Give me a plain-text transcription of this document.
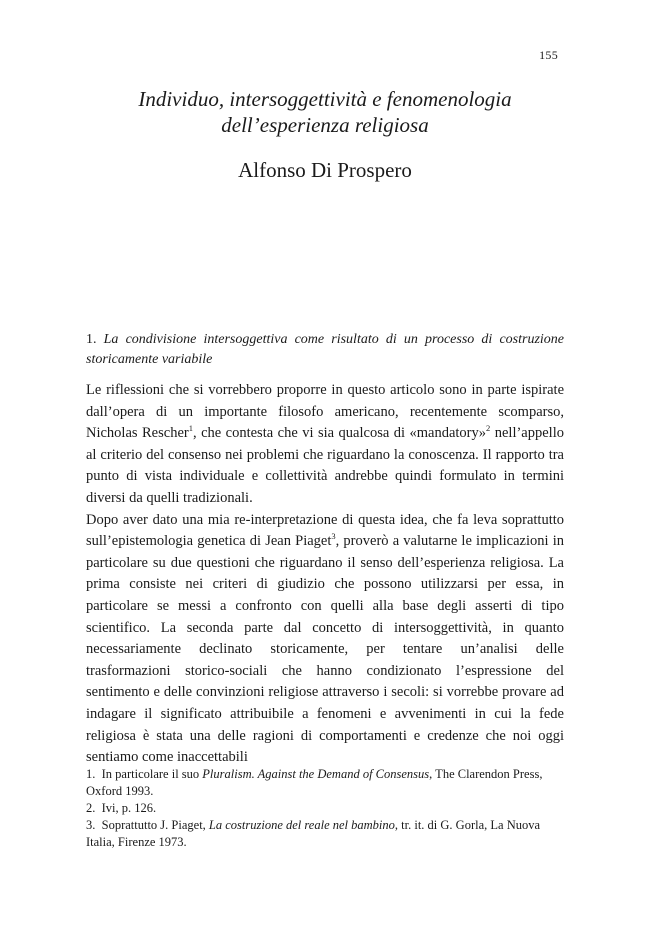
155
Individuo, intersoggettività e fenomenologia
dell’esperienza religiosa
Alfonso Di Prospero
1. La condivisione intersoggettiva come risultato di un processo di costruzione storicamente variabile

Le riflessioni che si vorrebbero proporre in questo articolo sono in parte ispirate dall’opera di un importante filosofo americano, recentemente scomparso, Nicholas Rescher$^1$, che contesta che vi sia qualcosa di «mandatory»$^2$ nell’appello al criterio del consenso nei problemi che riguardano la conoscenza. Il rapporto tra punto di vista individuale e collettività andrebbe quindi formulato in termini diversi da quelli tradizionali.

Dopo aver dato una mia re-interpretazione di questa idea, che fa leva soprattutto sull’epistemologia genetica di Jean Piaget$^3$, proverò a valutarne le implicazioni in particolare su due questioni che riguardano il senso dell’esperienza religiosa. La prima consiste nei criteri di giudizio che possono utilizzarsi per essa, in particolare se messi a confronto con quelli alla base degli asserti di tipo scientifico. La seconda parte dal concetto di intersoggettività, in quanto necessariamente declinato storicamente, per tentare un’analisi delle trasformazioni storico-sociali che hanno condizionato l’espressione del sentimento e delle convinzioni religiose attraverso i secoli: si vorrebbe provare ad indagare il significato attribuibile a fenomeni e avvenimenti in cui la fede religiosa è stata una delle ragioni di comportamenti e credenze che noi oggi sentiamo come inaccettabili

1. In particolare il suo Pluralism. Against the Demand of Consensus, The Clarendon Press, Oxford 1993.

2. Ivi, p. 126.

3. Soprattutto J. Piaget, La costruzione del reale nel bambino, tr. it. di G. Gorla, La Nuova Italia, Firenze 1973.
